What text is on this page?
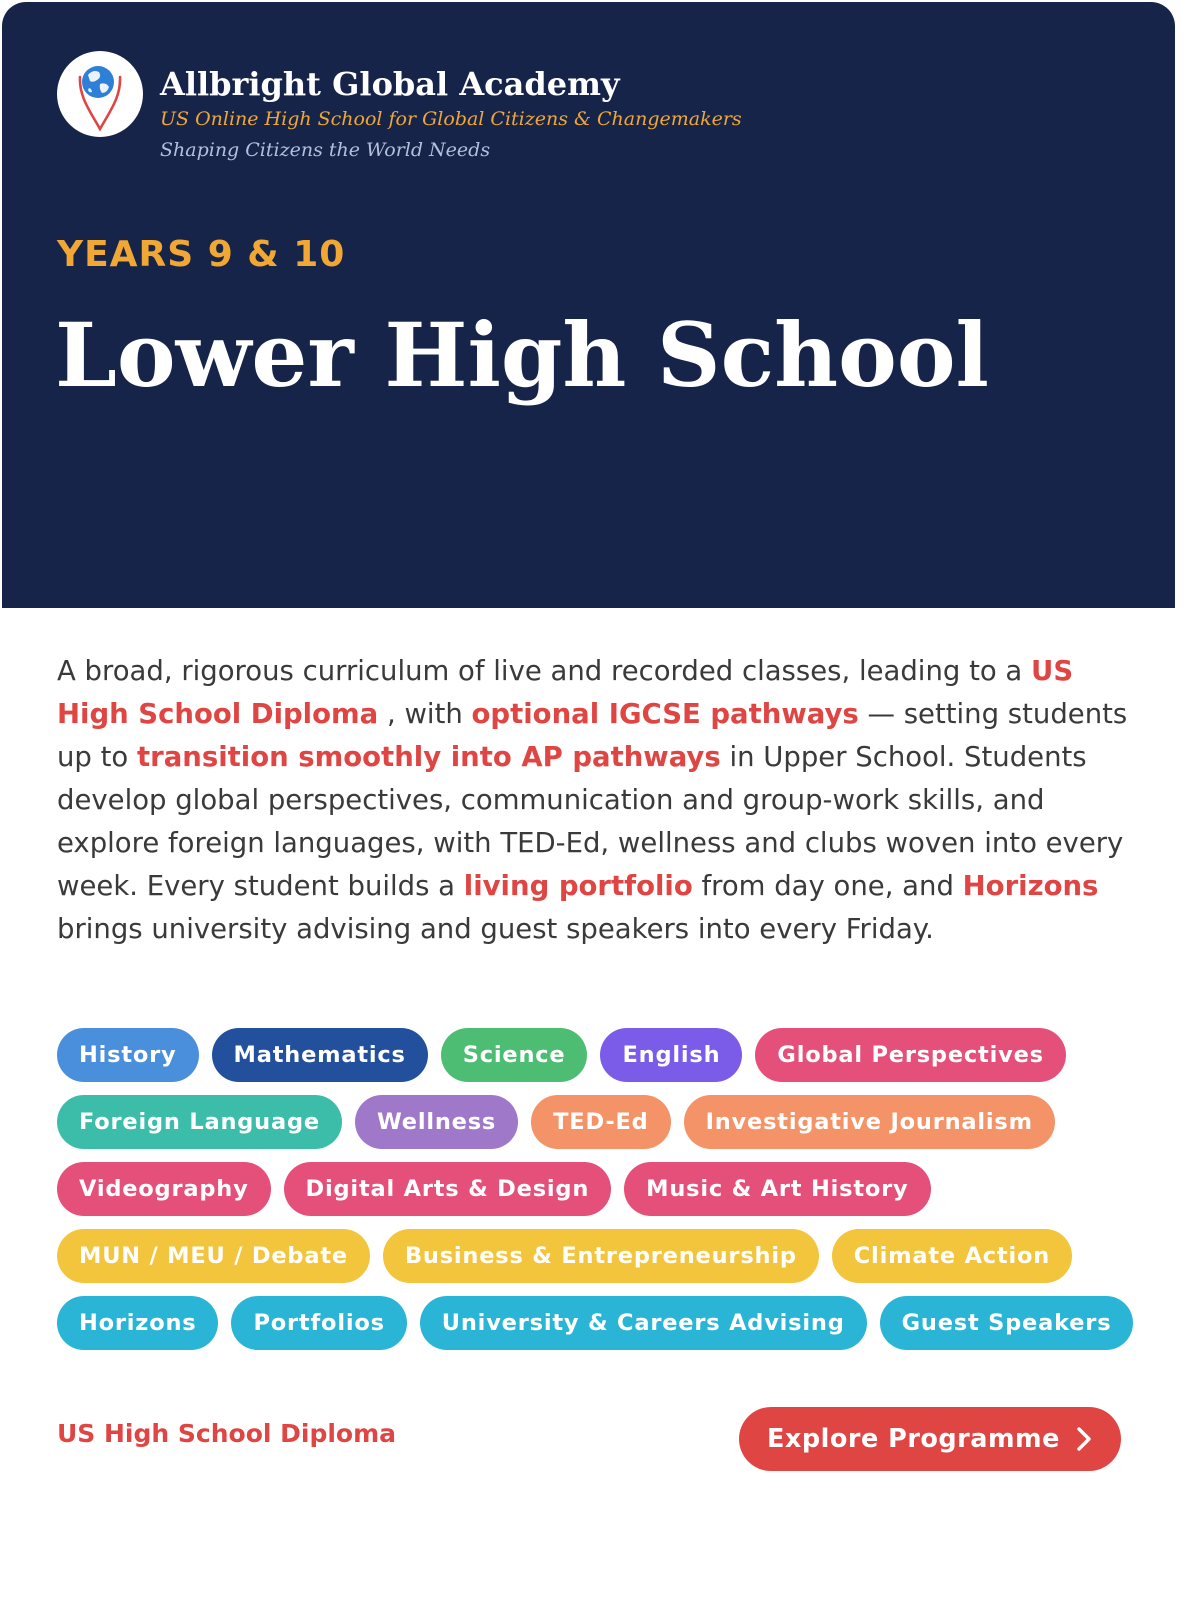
Allbright Global Academy
US Online High School for Global Citizens & Changemakers
Shaping Citizens the World Needs
YEARS 9 & 10
Lower High School

A broad, rigorous curriculum of live and recorded classes, leading to a US High School Diploma , with optional IGCSE pathways — setting students up to transition smoothly into AP pathways in Upper School. Students develop global perspectives, communication and group-work skills, and explore foreign languages, with TED-Ed, wellness and clubs woven into every week. Every student builds a living portfolio from day one, and Horizons brings university advising and guest speakers into every Friday.

History	Mathematics	Science	English	Global Perspectives
Foreign Language	Wellness	TED-Ed	Investigative Journalism
Videography	Digital Arts & Design	Music & Art History
MUN / MEU / Debate	Business & Entrepreneurship	Climate Action
Horizons	Portfolios	University & Careers Advising	Guest Speakers
US High School Diploma	Explore Programme
